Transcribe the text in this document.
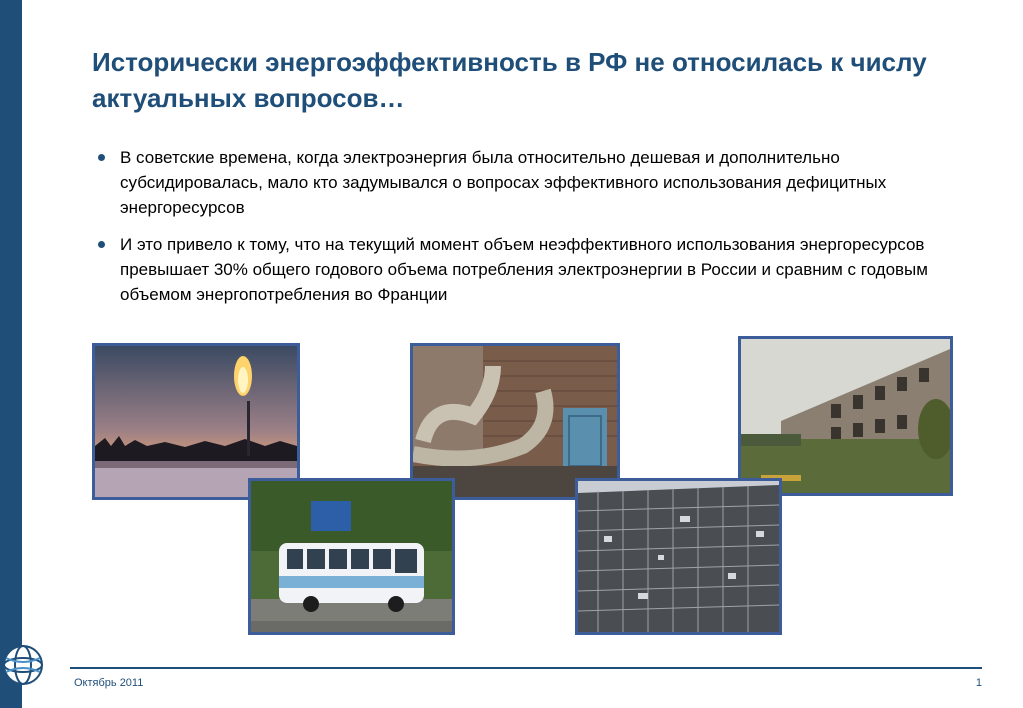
Исторически энергоэффективность в РФ не относилась к числу актуальных вопросов…
В советские времена, когда электроэнергия была относительно дешевая и дополнительно субсидировалась, мало кто задумывался о вопросах эффективного использования дефицитных энергоресурсов
И это привело к тому, что на текущий момент объем неэффективного использования энергоресурсов превышает 30% общего годового объема потребления электроэнергии в России и сравним с годовым объемом энергопотребления во Франции
Октябрь 2011	1
